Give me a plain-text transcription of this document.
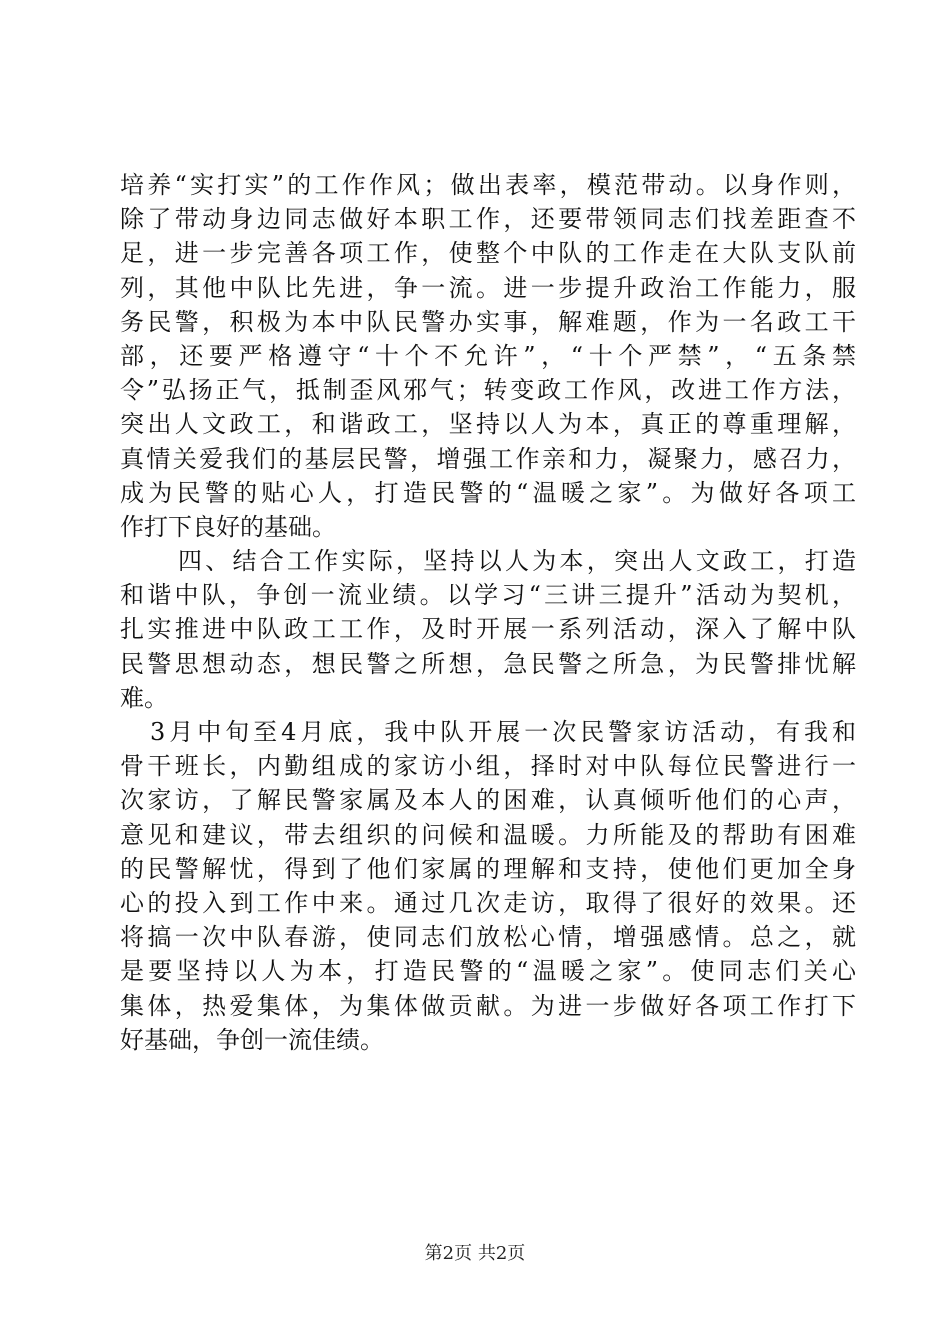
培养“实打实”的工作作风；做出表率，模范带动。以身作则，
除了带动身边同志做好本职工作，还要带领同志们找差距查不
足，进一步完善各项工作，使整个中队的工作走在大队支队前
列，其他中队比先进，争一流。进一步提升政治工作能力，服
务民警，积极为本中队民警办实事，解难题，作为一名政工干
部，还要严格遵守“十个不允许”，“十个严禁”，“五条禁
令”弘扬正气，抵制歪风邪气；转变政工作风，改进工作方法，
突出人文政工，和谐政工，坚持以人为本，真正的尊重理解，
真情关爱我们的基层民警，增强工作亲和力，凝聚力，感召力，
成为民警的贴心人，打造民警的“温暖之家”。为做好各项工
作打下良好的基础。
四、结合工作实际，坚持以人为本，突出人文政工，打造
和谐中队，争创一流业绩。以学习“三讲三提升”活动为契机，
扎实推进中队政工工作，及时开展一系列活动，深入了解中队
民警思想动态，想民警之所想，急民警之所急，为民警排忧解
难。
3月中旬至4月底，我中队开展一次民警家访活动，有我和
骨干班长，内勤组成的家访小组，择时对中队每位民警进行一
次家访，了解民警家属及本人的困难，认真倾听他们的心声，
意见和建议，带去组织的问候和温暖。力所能及的帮助有困难
的民警解忧，得到了他们家属的理解和支持，使他们更加全身
心的投入到工作中来。通过几次走访，取得了很好的效果。还
将搞一次中队春游，使同志们放松心情，增强感情。总之，就
是要坚持以人为本，打造民警的“温暖之家”。使同志们关心
集体，热爱集体，为集体做贡献。为进一步做好各项工作打下
好基础，争创一流佳绩。
第2页 共2页
